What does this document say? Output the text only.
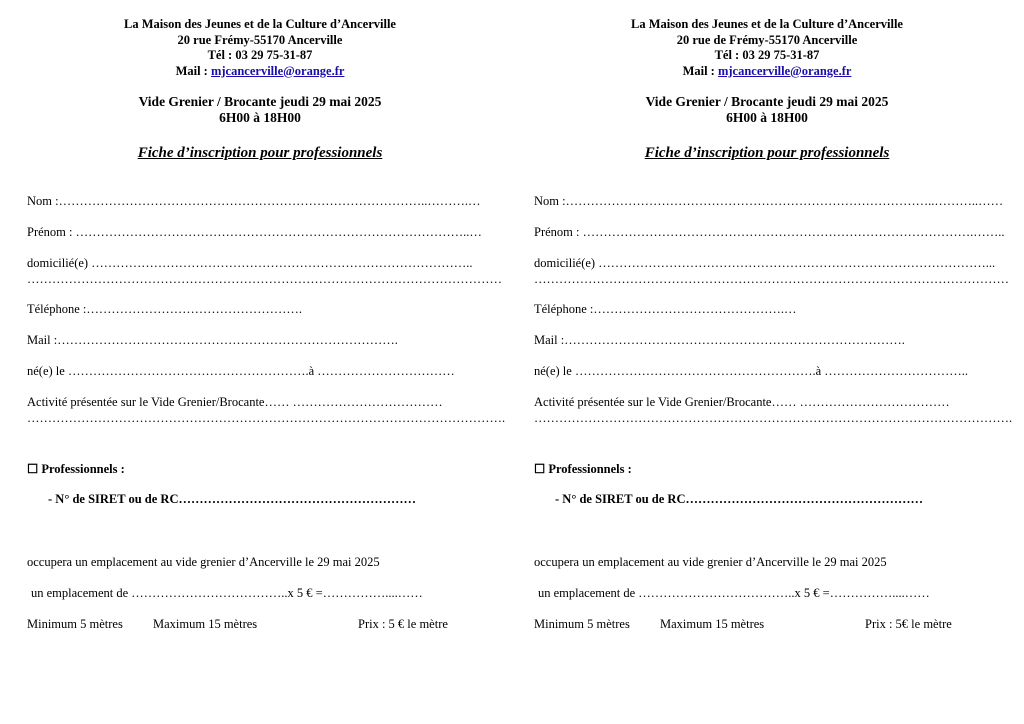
La Maison des Jeunes et de la Culture d’Ancerville
20 rue Frémy-55170 Ancerville
Tél : 03 29 75-31-87
Mail : mjcancerville@orange.fr
Vide Grenier / Brocante jeudi 29 mai 2025
6H00 à 18H00
Fiche d’inscription pour professionnels
Nom :……………………………………………………………………………..……….…
Prénom : …………………………………………………………………………………..…
domicilié(e) ………………………………………………………………………………..
……………………………………………………………………………………………………
Téléphone :…………………………………………….
Mail :……………………………………………………………………….
né(e) le ………………………………………………….à ……………………………
Activité présentée sur le Vide Grenier/Brocante…… ………………………………
…………………………………………………………………………………………………….
☐ Professionnels :
- N° de SIRET ou de RC…………………………………………………
occupera un emplacement au vide grenier d’Ancerville le 29 mai 2025
un emplacement de ………………………………..x 5 € =……………....……
Minimum 5 mètres Maximum 15 mètres	Prix : 5 € le mètre
La Maison des Jeunes et de la Culture d’Ancerville
20 rue de Frémy-55170 Ancerville
Tél : 03 29 75-31-87
Mail : mjcancerville@orange.fr
Vide Grenier / Brocante jeudi 29 mai 2025
6H00 à 18H00
Fiche d’inscription pour professionnels
Nom :……………………………………………………………………………..………..……
Prénom : ………………………………………………………………………………….……..
domicilié(e) …………………………………………………………………………………...
……………………………………………………………………………………………………
Téléphone :……………………………………….…
Mail :……………………………………………………………………….
né(e) le ………………………………………………….à ……………………………..
Activité présentée sur le Vide Grenier/Brocante…… ………………………………
…………………………………………………………………………………………………….
☐ Professionnels :
- N° de SIRET ou de RC…………………………………………………
occupera un emplacement au vide grenier d’Ancerville le 29 mai 2025
un emplacement de ………………………………..x 5 € =……………....……
Minimum 5 mètres Maximum 15 mètres	Prix : 5€ le mètre
